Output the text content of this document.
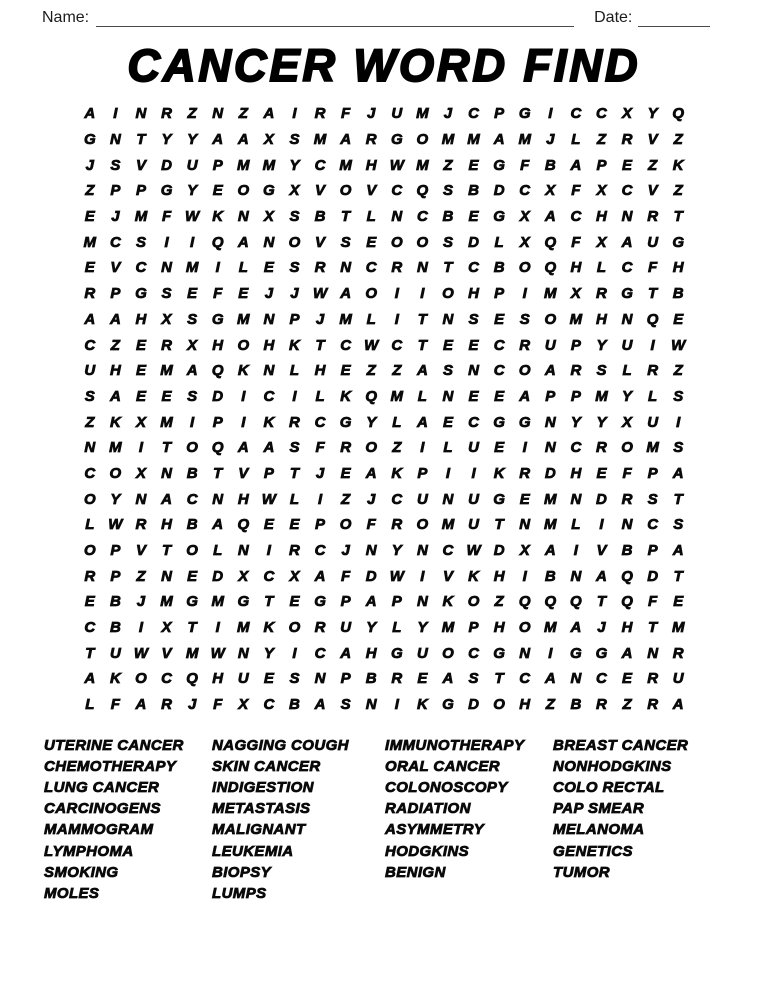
Name:	Date:
CANCER WORD FIND
A	I	N R	Z	N	Z	A	I	R	F	J	U M	J	C	P G	I	C C	X	Y Q
G N	T	Y	Y	A A	X	S M A R G O M M A M	J	L	Z	R	V	Z
J	S	V	D U	P M M Y	C M H W M Z	E G	F	B A	P	E	Z	K
Z	P	P G Y	E O G X	V O V	C Q S	B D C	X	F	X	C	V	Z
E	J	M F W K N	X	S	B	T	L	N C B	E G X	A C H N R	T
M C	S	I	I	Q A N O V	S	E O O S	D	L	X Q	F	X	A U G
E	V	C N M	I	L	E	S	R N C R N	T	C B O Q H	L	C	F	H
R	P G S	E	F	E	J	J W A O	I	I	O H	P	I	M X	R G	T	B
A A H	X	S G M N	P	J	M L	I	T	N	S	E	S O M H N Q E
C	Z	E	R	X	H O H K	T	C W C	T	E	E	C R U	P	Y	U	I	W
U H	E M A Q K N	L	H	E	Z	Z	A	S	N C O A R	S	L	R	Z
S	A	E	E	S	D	I	C	I	L	K Q M L	N	E	E	A	P	P M Y	L	S
Z	K	X M	I	P	I	K R C G Y	L	A	E	C G G N	Y	Y	X	U	I
N M	I	T	O Q A A	S	F	R O	Z	I	L	U	E	I	N C R O M S
C O X	N B	T	V	P	T	J	E	A K	P	I	I	K R D H	E	F	P	A
O Y	N A C N H W L	I	Z	J	C U N U G E M N D R	S	T
L W R H B A Q E	E	P O	F	R O M U	T	N M L	I	N C	S
O P	V	T	O	L	N	I	R C	J	N	Y	N C W D	X	A	I	V	B	P	A
R	P	Z	N	E	D	X	C	X	A	F	D W	I	V	K H	I	B N A Q D	T
E	B	J	M G M G	T	E G P	A	P	N K O	Z	Q Q Q	T	Q	F	E
C B	I	X	T	I	M K O R U	Y	L	Y M P	H O M A	J	H	T M
T	U W V M W N	Y	I	C A H G U O C G N	I	G G A N R
A K O C Q H U	E	S	N	P	B R	E	A	S	T	C A N C	E	R U
L	F	A R	J	F	X	C B A	S	N	I	K G D O H	Z	B R	Z	R A
UTERINE CANCER
CHEMOTHERAPY
LUNG CANCER
CARCINOGENS
MAMMOGRAM
LYMPHOMA
SMOKING
MOLES
NAGGING COUGH
SKIN CANCER
INDIGESTION
METASTASIS
MALIGNANT
LEUKEMIA
BIOPSY
LUMPS
IMMUNOTHERAPY
ORAL CANCER
COLONOSCOPY
RADIATION
ASYMMETRY
HODGKINS
BENIGN
BREAST CANCER
NONHODGKINS
COLO RECTAL
PAP SMEAR
MELANOMA
GENETICS
TUMOR
